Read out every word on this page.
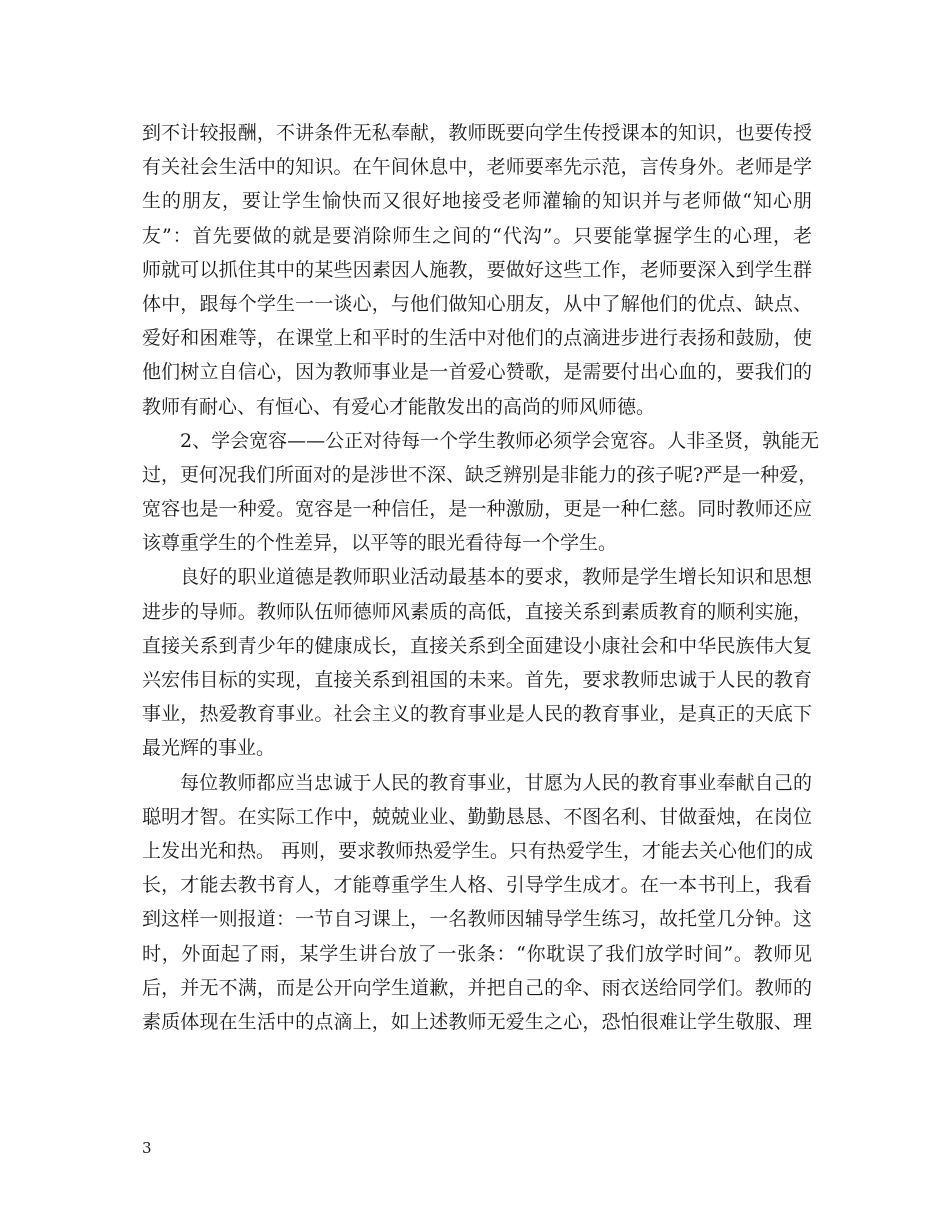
到不计较报酬，不讲条件无私奉献，教师既要向学生传授课本的知识，也要传授
有关社会生活中的知识。在午间休息中，老师要率先示范，言传身外。老师是学
生的朋友，要让学生愉快而又很好地接受老师灌输的知识并与老师做“知心朋
友”：首先要做的就是要消除师生之间的“代沟”。只要能掌握学生的心理，老
师就可以抓住其中的某些因素因人施教，要做好这些工作，老师要深入到学生群
体中，跟每个学生一一谈心，与他们做知心朋友，从中了解他们的优点、缺点、
爱好和困难等，在课堂上和平时的生活中对他们的点滴进步进行表扬和鼓励，使
他们树立自信心，因为教师事业是一首爱心赞歌，是需要付出心血的，要我们的
教师有耐心、有恒心、有爱心才能散发出的高尚的师风师德。
2、学会宽容——公正对待每一个学生教师必须学会宽容。人非圣贤，孰能无
过，更何况我们所面对的是涉世不深、缺乏辨别是非能力的孩子呢?严是一种爱，
宽容也是一种爱。宽容是一种信任，是一种激励，更是一种仁慈。同时教师还应
该尊重学生的个性差异，以平等的眼光看待每一个学生。
良好的职业道德是教师职业活动最基本的要求，教师是学生增长知识和思想
进步的导师。教师队伍师德师风素质的高低，直接关系到素质教育的顺利实施，
直接关系到青少年的健康成长，直接关系到全面建设小康社会和中华民族伟大复
兴宏伟目标的实现，直接关系到祖国的未来。首先，要求教师忠诚于人民的教育
事业，热爱教育事业。社会主义的教育事业是人民的教育事业，是真正的天底下
最光辉的事业。
每位教师都应当忠诚于人民的教育事业，甘愿为人民的教育事业奉献自己的
聪明才智。在实际工作中，兢兢业业、勤勤恳恳、不图名利、甘做蚕烛，在岗位
上发出光和热。 再则，要求教师热爱学生。只有热爱学生，才能去关心他们的成
长，才能去教书育人，才能尊重学生人格、引导学生成才。在一本书刊上，我看
到这样一则报道：一节自习课上，一名教师因辅导学生练习，故托堂几分钟。这
时，外面起了雨，某学生讲台放了一张条：“你耽误了我们放学时间”。教师见
后，并无不满，而是公开向学生道歉，并把自己的伞、雨衣送给同学们。教师的
素质体现在生活中的点滴上，如上述教师无爱生之心，恐怕很难让学生敬服、理
3
